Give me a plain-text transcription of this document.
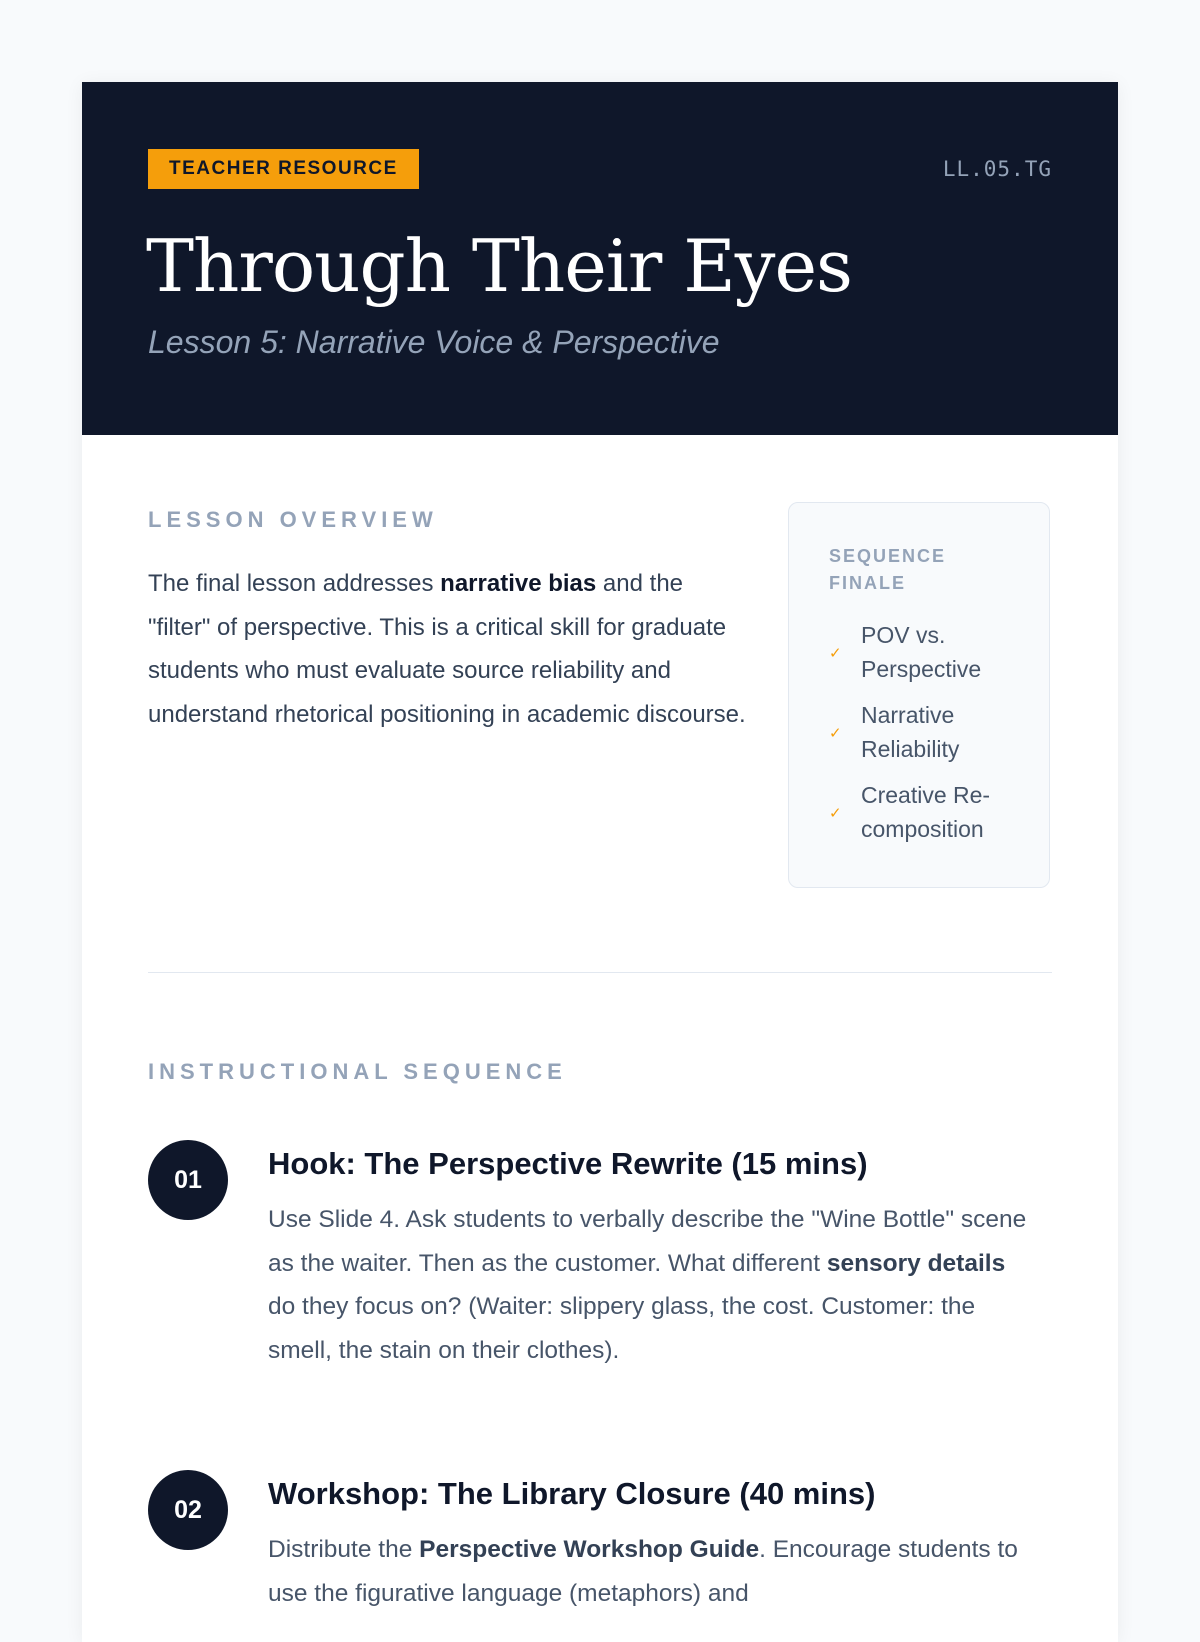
TEACHER RESOURCE	LL.05.TG
Through Their Eyes
Lesson 5: Narrative Voice & Perspective
LESSON OVERVIEW

The final lesson addresses narrative bias and the "filter" of perspective. This is a critical skill for graduate students who must evaluate source reliability and understand rhetorical positioning in academic discourse.

SEQUENCE FINALE
✓
POV vs. Perspective
✓
Narrative Reliability
✓
Creative Re-composition
INSTRUCTIONAL SEQUENCE
01	Hook: The Perspective Rewrite (15 mins)

Use Slide 4. Ask students to verbally describe the "Wine Bottle" scene as the waiter. Then as the customer. What different sensory details do they focus on? (Waiter: slippery glass, the cost. Customer: the smell, the stain on their clothes).

02	Workshop: The Library Closure (40 mins)

Distribute the Perspective Workshop Guide. Encourage students to use the figurative language (metaphors) and
